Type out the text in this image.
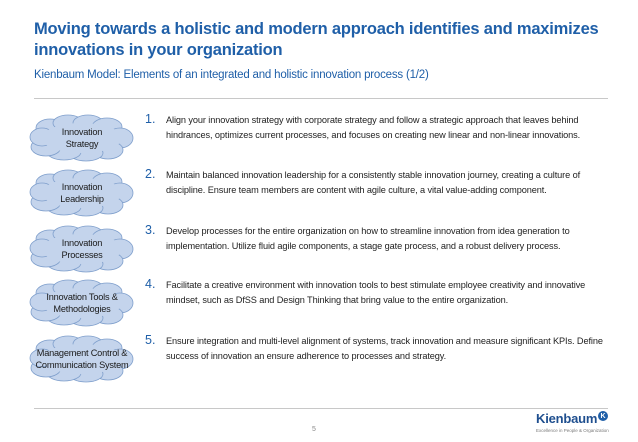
Moving towards a holistic and modern approach identifies and maximizes innovations in your organization
Kienbaum Model: Elements of an integrated and holistic innovation process (1/2)
Innovation
Strategy
1. Align your innovation strategy with corporate strategy and follow a strategic approach that leaves behind hindrances, optimizes current processes, and focuses on creating new linear and non-linear innovations.
Innovation
Leadership
2. Maintain balanced innovation leadership for a consistently stable innovation journey, creating a culture of discipline. Ensure team members are content with agile culture, a vital value-adding component.
Innovation
Processes
3. Develop processes for the entire organization on how to streamline innovation from idea generation to implementation. Utilize fluid agile components, a stage gate process, and a robust delivery process.
Innovation Tools &
Methodologies
4. Facilitate a creative environment with innovation tools to best stimulate employee creativity and innovative mindset, such as DfSS and Design Thinking that bring value to the entire organization.
Management Control &
Communication System
5. Ensure integration and multi-level alignment of systems, track innovation and measure significant KPIs. Define success of innovation an ensure adherence to processes and strategy.
5
Kienbaum K
Excellence in People & Organization
